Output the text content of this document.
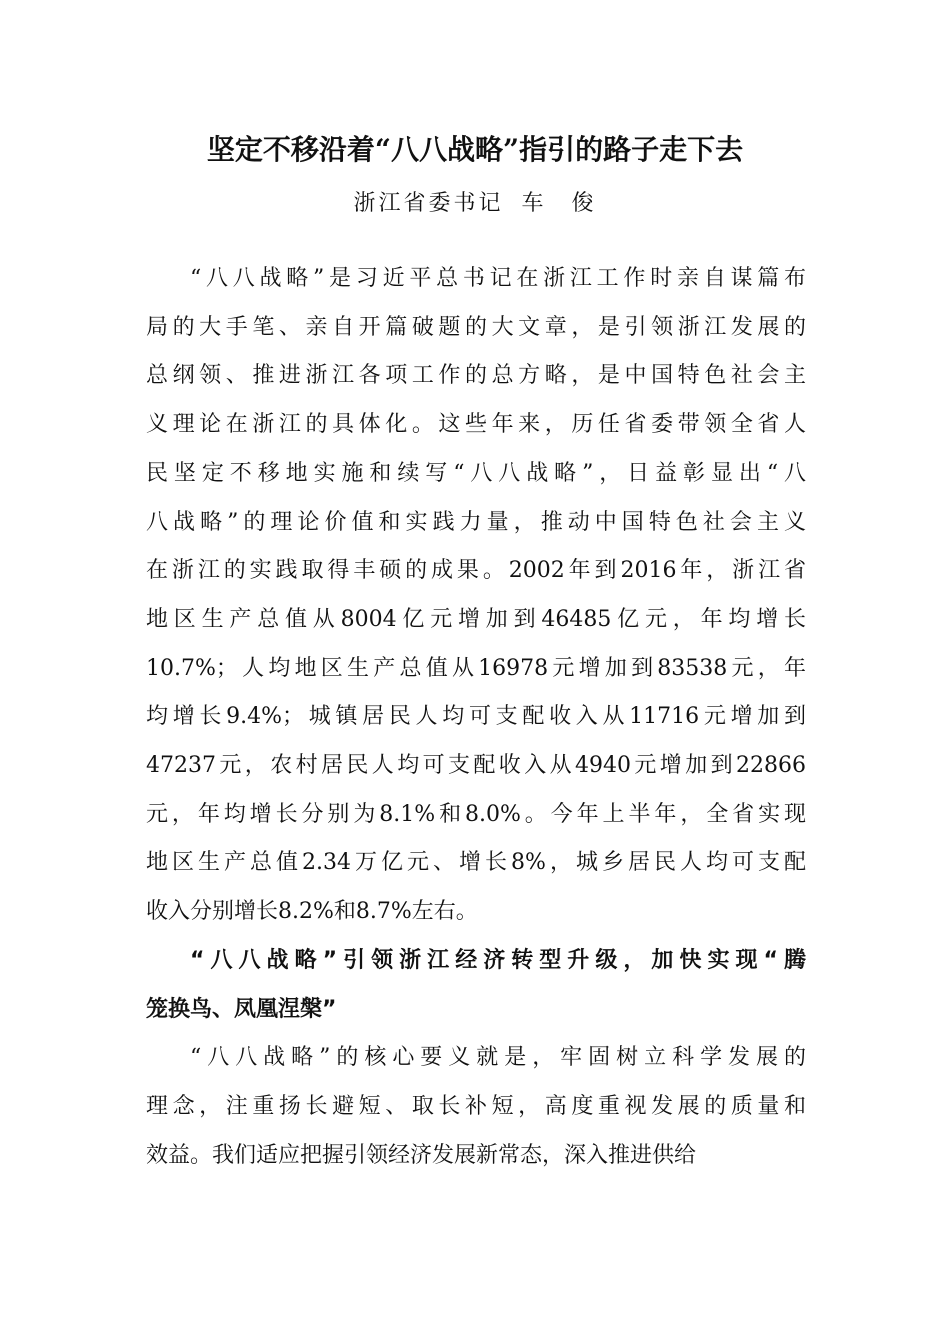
坚定不移沿着“八八战略”指引的路子走下去
浙江省委书记 车　俊
“八八战略”是习近平总书记在浙江工作时亲自谋篇布
局的大手笔、亲自开篇破题的大文章，是引领浙江发展的
总纲领、推进浙江各项工作的总方略，是中国特色社会主
义理论在浙江的具体化。这些年来，历任省委带领全省人
民坚定不移地实施和续写“八八战略”，日益彰显出“八
八战略”的理论价值和实践力量，推动中国特色社会主义
在浙江的实践取得丰硕的成果。2002年到2016年，浙江省
地区生产总值从8004亿元增加到46485亿元，年均增长
10.7%；人均地区生产总值从16978元增加到83538元，年
均增长9.4%；城镇居民人均可支配收入从11716元增加到
47237元，农村居民人均可支配收入从4940元增加到22866
元，年均增长分别为8.1%和8.0%。今年上半年，全省实现
地区生产总值2.34万亿元、增长8%，城乡居民人均可支配
收入分别增长8.2%和8.7%左右。
“八八战略”引领浙江经济转型升级，加快实现“腾
笼换鸟、凤凰涅槃”
“八八战略”的核心要义就是，牢固树立科学发展的
理念，注重扬长避短、取长补短，高度重视发展的质量和
效益。我们适应把握引领经济发展新常态，深入推进供给
